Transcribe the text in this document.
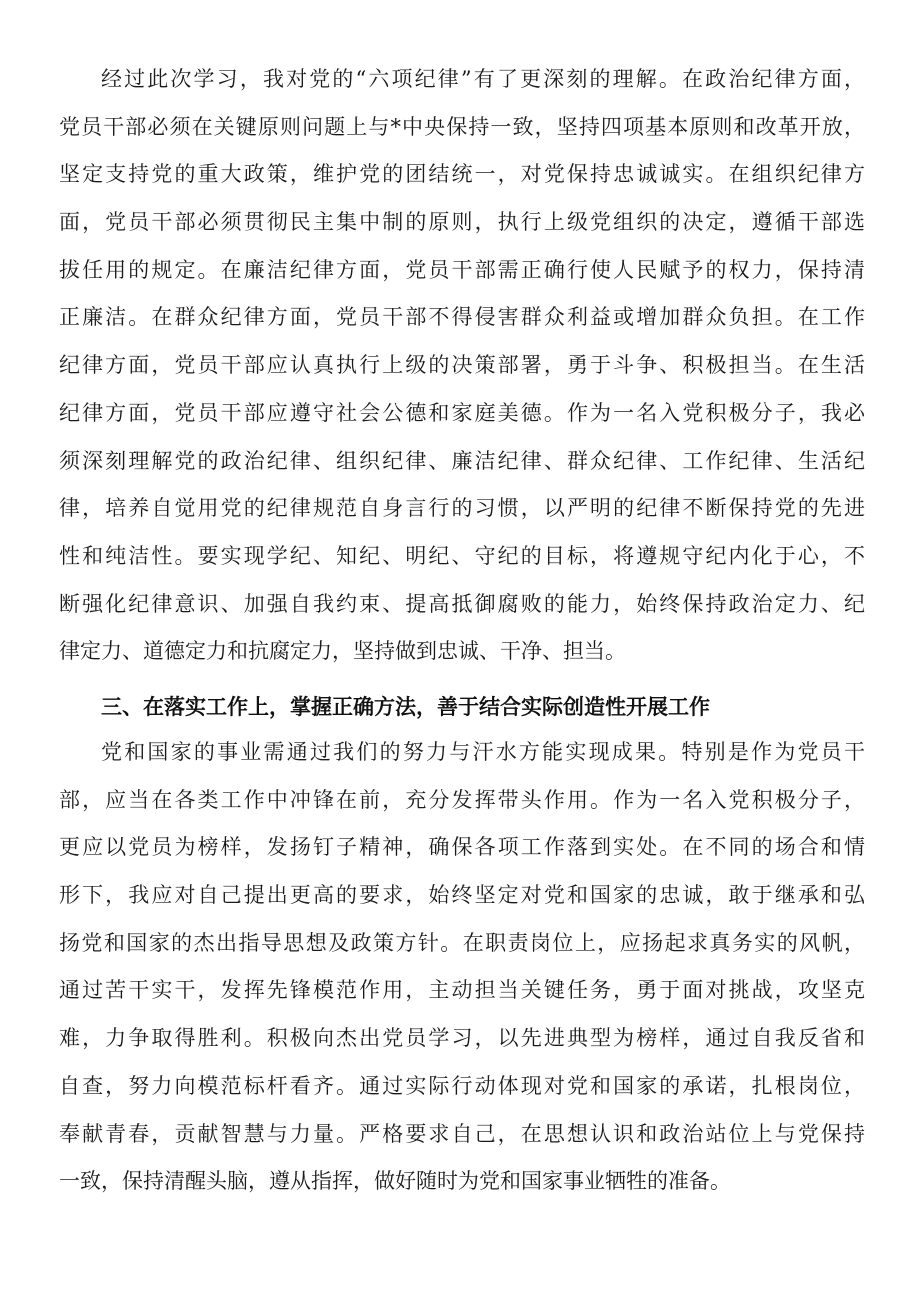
经过此次学习，我对党的“六项纪律”有了更深刻的理解。在政治纪律方面，
党员干部必须在关键原则问题上与*中央保持一致，坚持四项基本原则和改革开放，
坚定支持党的重大政策，维护党的团结统一，对党保持忠诚诚实。在组织纪律方
面，党员干部必须贯彻民主集中制的原则，执行上级党组织的决定，遵循干部选
拔任用的规定。在廉洁纪律方面，党员干部需正确行使人民赋予的权力，保持清
正廉洁。在群众纪律方面，党员干部不得侵害群众利益或增加群众负担。在工作
纪律方面，党员干部应认真执行上级的决策部署，勇于斗争、积极担当。在生活
纪律方面，党员干部应遵守社会公德和家庭美德。作为一名入党积极分子，我必
须深刻理解党的政治纪律、组织纪律、廉洁纪律、群众纪律、工作纪律、生活纪
律，培养自觉用党的纪律规范自身言行的习惯，以严明的纪律不断保持党的先进
性和纯洁性。要实现学纪、知纪、明纪、守纪的目标，将遵规守纪内化于心，不
断强化纪律意识、加强自我约束、提高抵御腐败的能力，始终保持政治定力、纪
律定力、道德定力和抗腐定力，坚持做到忠诚、干净、担当。
三、在落实工作上，掌握正确方法，善于结合实际创造性开展工作
党和国家的事业需通过我们的努力与汗水方能实现成果。特别是作为党员干
部，应当在各类工作中冲锋在前，充分发挥带头作用。作为一名入党积极分子，
更应以党员为榜样，发扬钉子精神，确保各项工作落到实处。在不同的场合和情
形下，我应对自己提出更高的要求，始终坚定对党和国家的忠诚，敢于继承和弘
扬党和国家的杰出指导思想及政策方针。在职责岗位上，应扬起求真务实的风帆，
通过苦干实干，发挥先锋模范作用，主动担当关键任务，勇于面对挑战，攻坚克
难，力争取得胜利。积极向杰出党员学习，以先进典型为榜样，通过自我反省和
自查，努力向模范标杆看齐。通过实际行动体现对党和国家的承诺，扎根岗位，
奉献青春，贡献智慧与力量。严格要求自己，在思想认识和政治站位上与党保持
一致，保持清醒头脑，遵从指挥，做好随时为党和国家事业牺牲的准备。
